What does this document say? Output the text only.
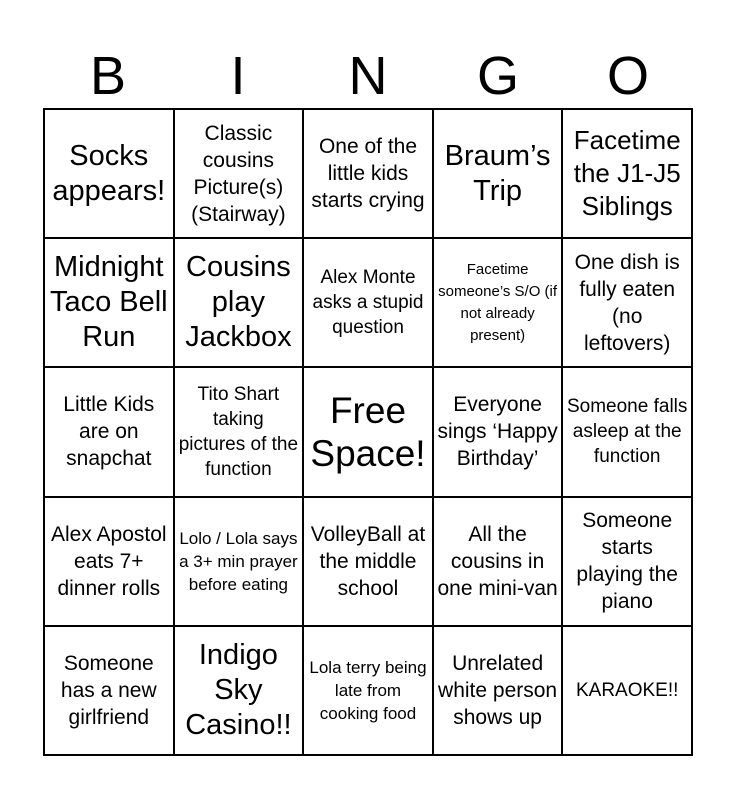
B	I	N	G	O
Socks appears!
Classic cousins Picture(s) (Stairway)
One of the little kids starts crying
Braum’s Trip
Facetime the J1-J5 Siblings
Midnight Taco Bell Run
Cousins play Jackbox
Alex Monte asks a stupid question
Facetime someone’s S/O (if not already present)
One dish is fully eaten (no leftovers)
Little Kids are on snapchat
Tito Shart taking pictures of the function
Free Space!
Everyone sings ‘Happy Birthday’
Someone falls asleep at the function
Alex Apostol eats 7+ dinner rolls
Lolo / Lola says a 3+ min prayer before eating
VolleyBall at the middle school
All the cousins in one mini-van
Someone starts playing the piano
Someone has a new girlfriend
Indigo Sky Casino!!
Lola terry being late from cooking food
Unrelated white person shows up
KARAOKE!!
